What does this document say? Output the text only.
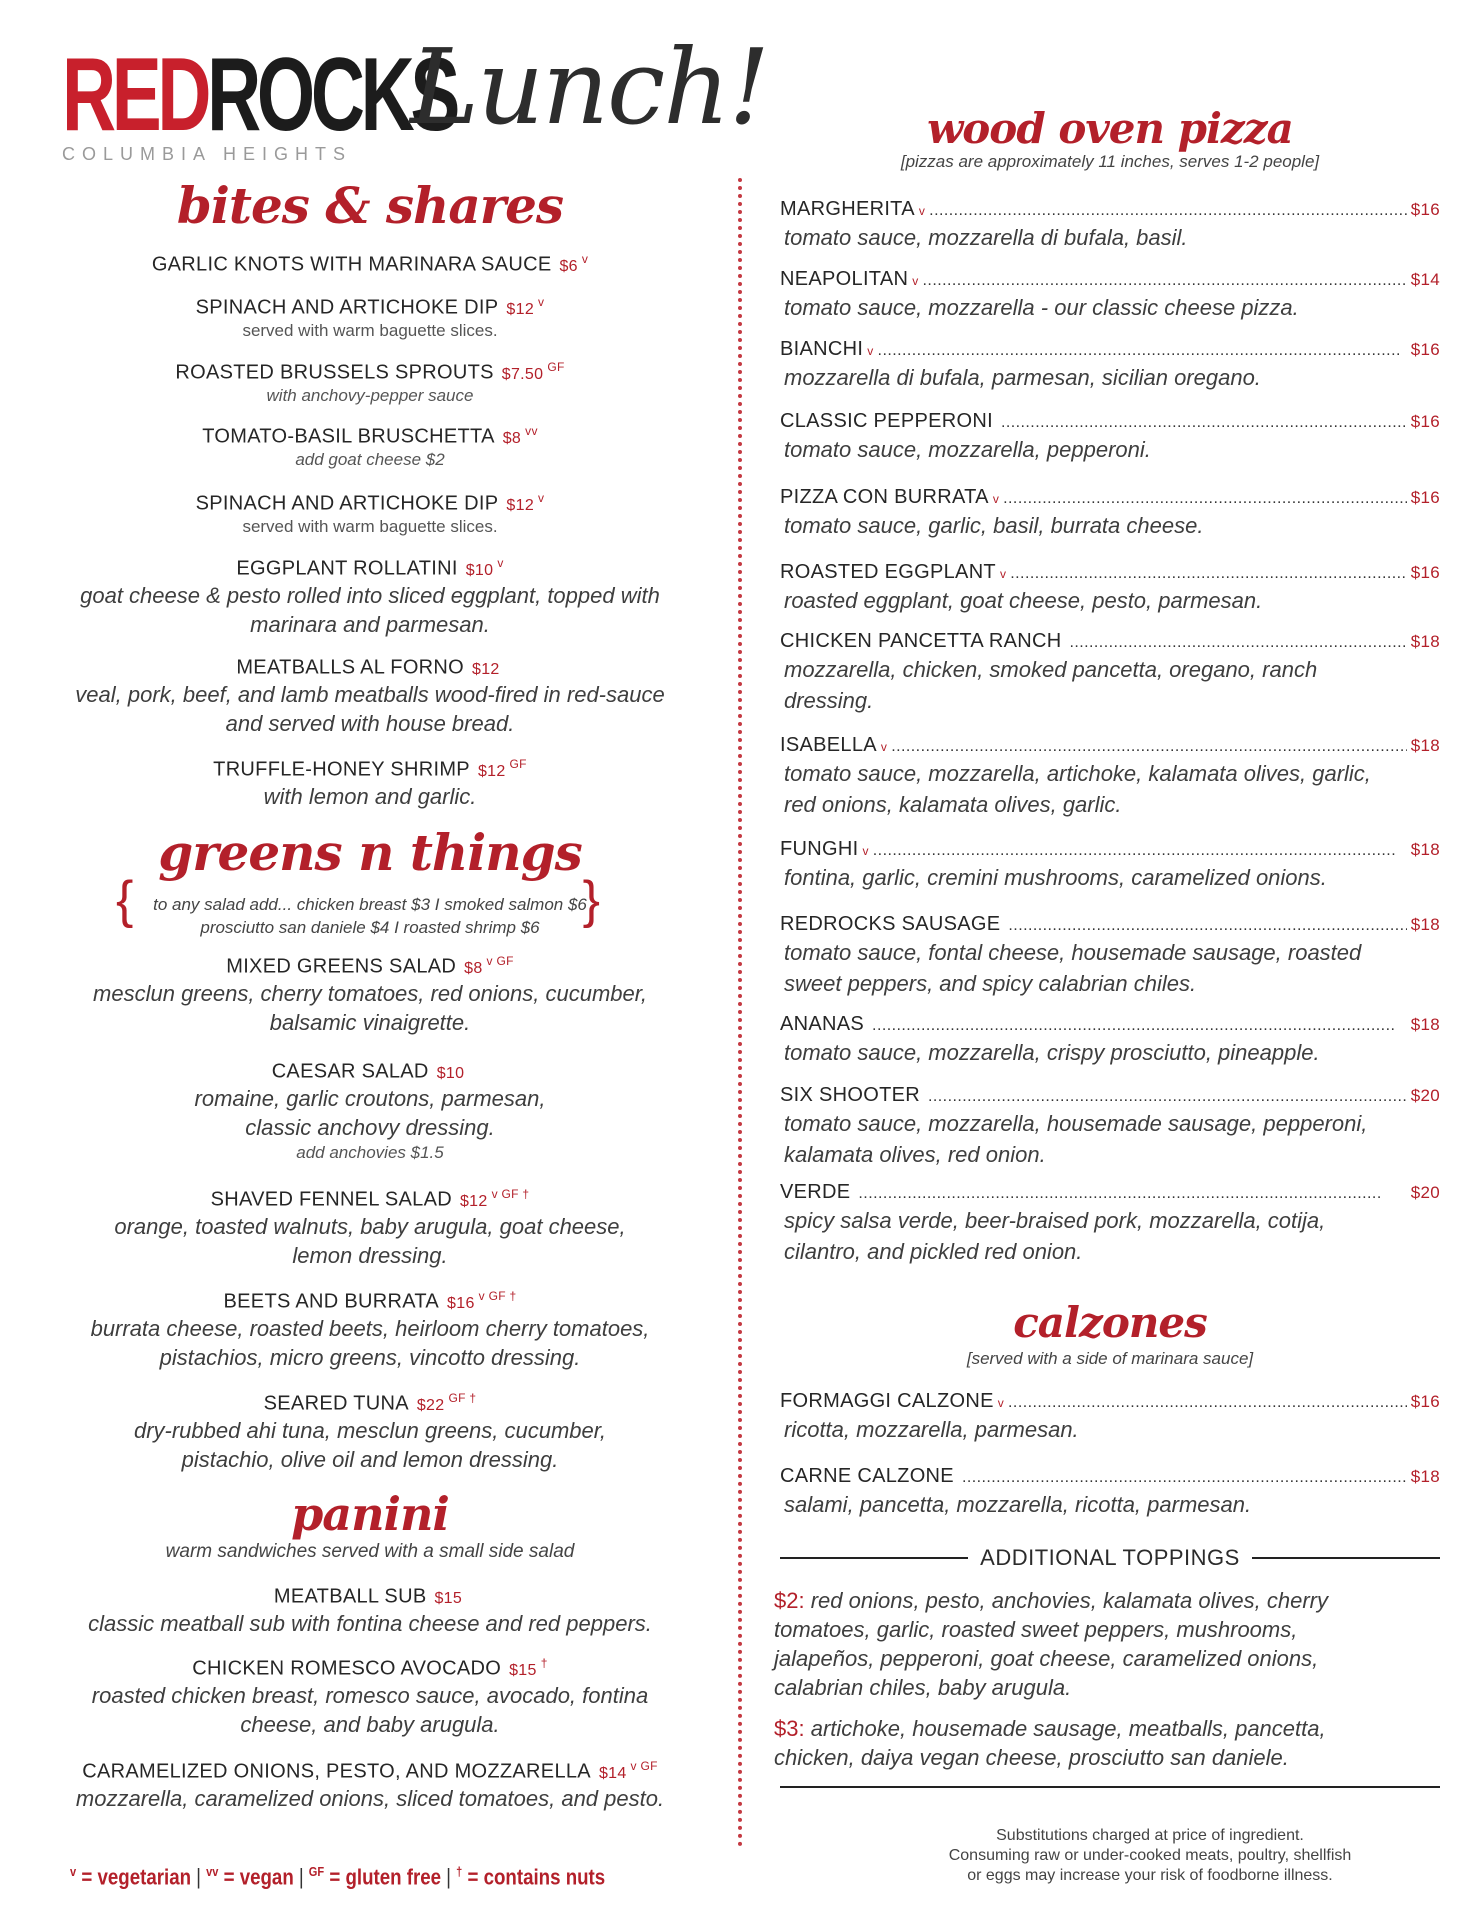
REDROCKS
COLUMBIA HEIGHTS
Lunch!
bites & shares
GARLIC KNOTS WITH MARINARA SAUCE $6 $^v$
SPINACH AND ARTICHOKE DIP $12 $^v$
served with warm baguette slices.
ROASTED BRUSSELS SPROUTS $7.50 $^{GF}$
with anchovy-pepper sauce
TOMATO-BASIL BRUSCHETTA $8 $^{vv}$
add goat cheese $2
SPINACH AND ARTICHOKE DIP $12 $^v$
served with warm baguette slices.
EGGPLANT ROLLATINI $10 $^v$
goat cheese & pesto rolled into sliced eggplant, topped with
marinara and parmesan.
MEATBALLS AL FORNO $12
veal, pork, beef, and lamb meatballs wood-fired in red-sauce
and served with house bread.
TRUFFLE-HONEY SHRIMP $12 $^{GF}$
with lemon and garlic.
greens n things
{	to any salad add... chicken breast $3 I smoked salmon $6
prosciutto san daniele $4 I roasted shrimp $6 }
MIXED GREENS SALAD $8 $^{v GF}$
mesclun greens, cherry tomatoes, red onions, cucumber,
balsamic vinaigrette.
CAESAR SALAD $10
romaine, garlic croutons, parmesan,
classic anchovy dressing.
add anchovies $1.5
SHAVED FENNEL SALAD $12 $^{v GF \dagger}$
orange, toasted walnuts, baby arugula, goat cheese,
lemon dressing.
BEETS AND BURRATA $16 $^{v GF \dagger}$
burrata cheese, roasted beets, heirloom cherry tomatoes,
pistachios, micro greens, vincotto dressing.
SEARED TUNA $22 $^{GF \dagger}$
dry-rubbed ahi tuna, mesclun greens, cucumber,
pistachio, olive oil and lemon dressing.
panini
warm sandwiches served with a small side salad
MEATBALL SUB $15
classic meatball sub with fontina cheese and red peppers.
CHICKEN ROMESCO AVOCADO $15 †
roasted chicken breast, romesco sauce, avocado, fontina
cheese, and baby arugula.
CARAMELIZED ONIONS, PESTO, AND MOZZARELLA $14 $^{v GF}$
mozzarella, caramelized onions, sliced tomatoes, and pesto.
$^v$ = vegetarian | $^{vv}$ = vegan | $^{GF}$ = gluten free | † = contains nuts
wood oven pizza
[pizzas are approximately 11 inches, serves 1-2 people]
MARGHERITA v . . .	$16
tomato sauce, mozzarella di bufala, basil.
NEAPOLITAN v . . .	$14
tomato sauce, mozzarella - our classic cheese pizza.
BIANCHI v . . .	$16
mozzarella di bufala, parmesan, sicilian oregano.
CLASSIC PEPPERONI . . .	$16
tomato sauce, mozzarella, pepperoni.
PIZZA CON BURRATA v . . .	$16
tomato sauce, garlic, basil, burrata cheese.
ROASTED EGGPLANT v . . .	$16
roasted eggplant, goat cheese, pesto, parmesan.
CHICKEN PANCETTA RANCH . . .	$18
mozzarella, chicken, smoked pancetta, oregano, ranch
dressing.
ISABELLA v . . .	$18
tomato sauce, mozzarella, artichoke, kalamata olives, garlic,
red onions, kalamata olives, garlic.
FUNGHI v . . .	$18
fontina, garlic, cremini mushrooms, caramelized onions.
REDROCKS SAUSAGE . . .	$18
tomato sauce, fontal cheese, housemade sausage, roasted
sweet peppers, and spicy calabrian chiles.
ANANAS . . .	$18
tomato sauce, mozzarella, crispy prosciutto, pineapple.
SIX SHOOTER . . .	$20
tomato sauce, mozzarella, housemade sausage, pepperoni,
kalamata olives, red onion.
VERDE . . .	$20
spicy salsa verde, beer-braised pork, mozzarella, cotija,
cilantro, and pickled red onion.
calzones
[served with a side of marinara sauce]
FORMAGGI CALZONE v . . .	$16
ricotta, mozzarella, parmesan.
CARNE CALZONE . . .	$18
salami, pancetta, mozzarella, ricotta, parmesan.
ADDITIONAL TOPPINGS
$2: red onions, pesto, anchovies, kalamata olives, cherry
tomatoes, garlic, roasted sweet peppers, mushrooms,
jalapeños, pepperoni, goat cheese, caramelized onions,
calabrian chiles, baby arugula.
$3: artichoke, housemade sausage, meatballs, pancetta,
chicken, daiya vegan cheese, prosciutto san daniele.
Substitutions charged at price of ingredient.
Consuming raw or under-cooked meats, poultry, shellfish
or eggs may increase your risk of foodborne illness.
